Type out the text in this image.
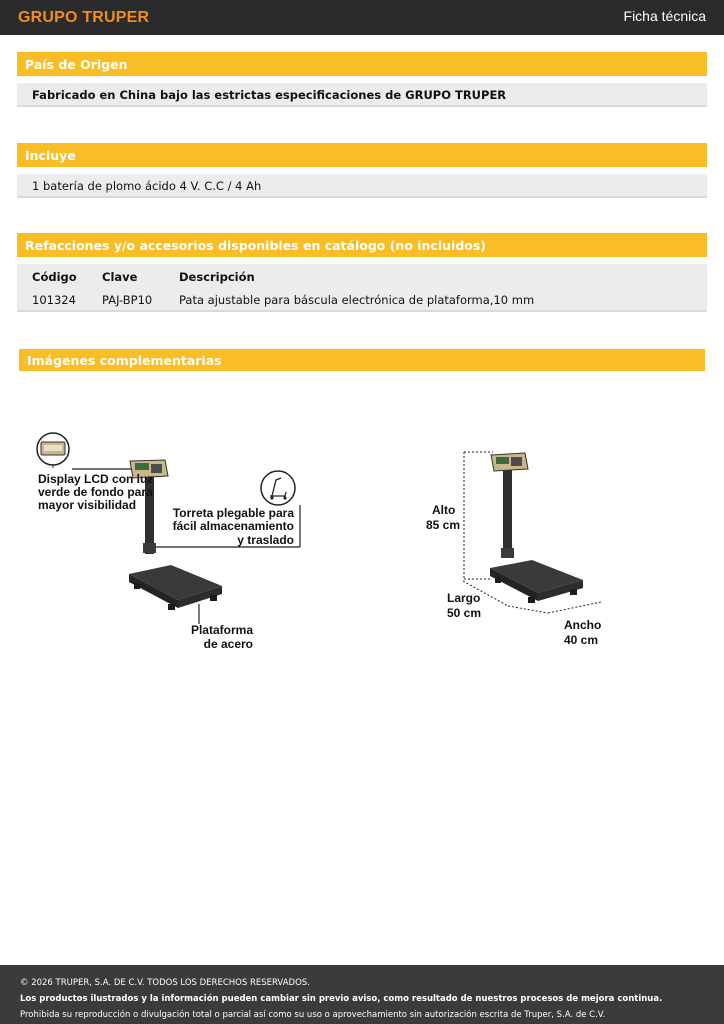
GRUPO TRUPER	Ficha técnica
País de Origen
Fabricado en China bajo las estrictas especificaciones de GRUPO TRUPER
Incluye
1 batería de plomo ácido 4 V. C.C / 4 Ah
Refacciones y/o accesorios disponibles en catálogo (no incluidos)
Código Clave	Descripción
101324 PAJ-BP10 Pata ajustable para báscula electrónica de plataforma,10 mm
Imágenes complementarias
Display LCD con luz
verde de fondo para
mayor visibilidad
Torreta plegable para
fácil almacenamiento
y traslado
Plataforma
de acero
Alto
85 cm
Largo
50 cm
Ancho
40 cm
© 2026 TRUPER, S.A. DE C.V. TODOS LOS DERECHOS RESERVADOS.
Los productos ilustrados y la información pueden cambiar sin previo aviso, como resultado de nuestros procesos de mejora continua.
Prohibida su reproducción o divulgación total o parcial así como su uso o aprovechamiento sin autorización escrita de Truper, S.A. de C.V.
